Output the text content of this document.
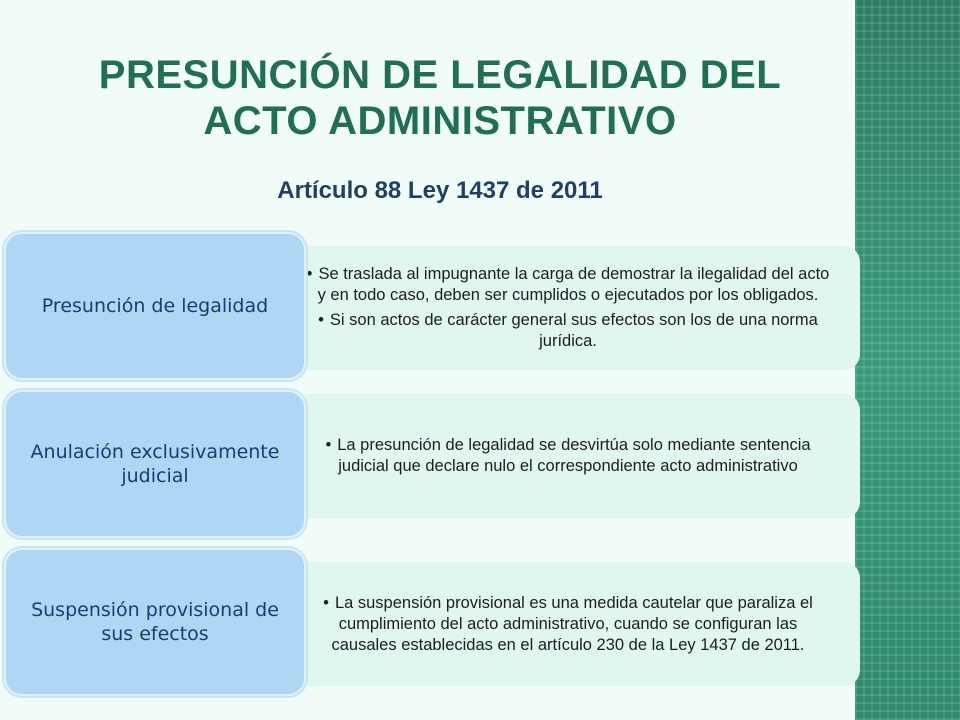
PRESUNCIÓN DE LEGALIDAD DEL
ACTO ADMINISTRATIVO
Artículo 88 Ley 1437 de 2011

• Se traslada al impugnante la carga de demostrar la ilegalidad del acto y en todo caso, deben ser cumplidos o ejecutados por los obligados.

• Si son actos de carácter general sus efectos son los de una norma jurídica.

Presunción de legalidad

• La presunción de legalidad se desvirtúa solo mediante sentencia judicial que declare nulo el correspondiente acto administrativo

Anulación exclusivamente judicial

• La suspensión provisional es una medida cautelar que paraliza el cumplimiento del acto administrativo, cuando se configuran las causales establecidas en el artículo 230 de la Ley 1437 de 2011.

Suspensión provisional de sus efectos
